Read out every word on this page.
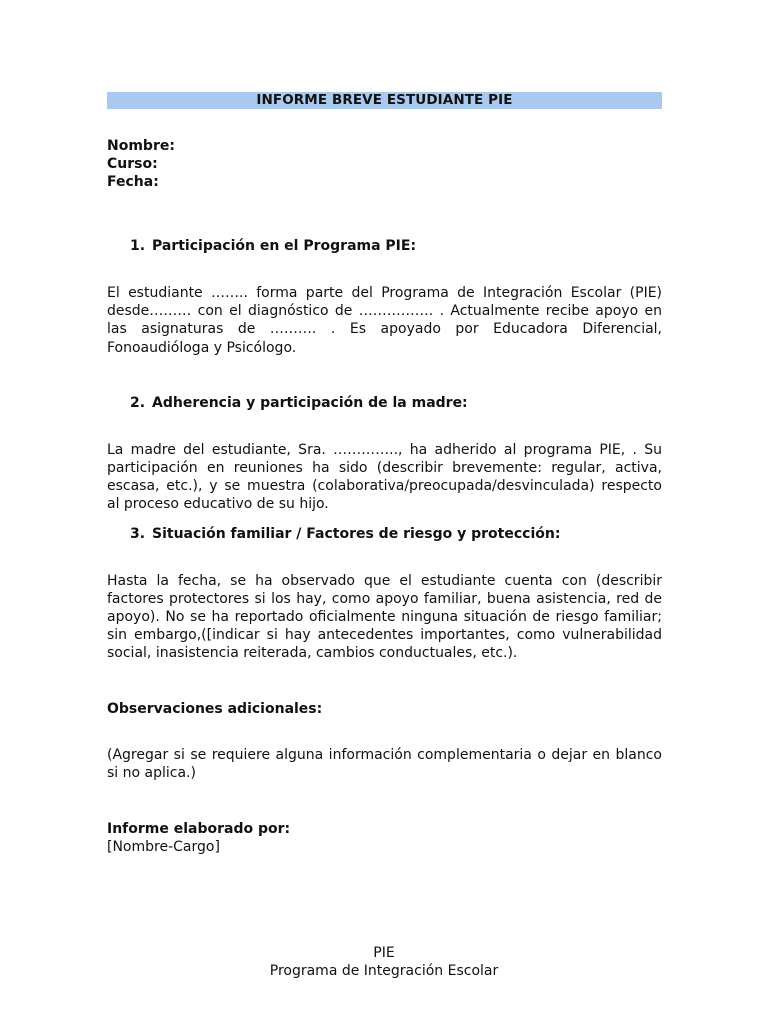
INFORME BREVE ESTUDIANTE PIE
Nombre:
Curso:
Fecha:
1. Participación en el Programa PIE:
El estudiante …….. forma parte del Programa de Integración Escolar (PIE) desde……… con el diagnóstico de ……………. . Actualmente recibe apoyo en las asignaturas de ………. . Es apoyado por Educadora Diferencial, Fonoaudióloga y Psicólogo.
2. Adherencia y participación de la madre:
La madre del estudiante, Sra. ………….., ha adherido al programa PIE, . Su participación en reuniones ha sido (describir brevemente: regular, activa, escasa, etc.), y se muestra (colaborativa/preocupada/desvinculada) respecto al proceso educativo de su hijo.
3. Situación familiar / Factores de riesgo y protección:
Hasta la fecha, se ha observado que el estudiante cuenta con (describir factores protectores si los hay, como apoyo familiar, buena asistencia, red de apoyo). No se ha reportado oficialmente ninguna situación de riesgo familiar; sin embargo,([indicar si hay antecedentes importantes, como vulnerabilidad social, inasistencia reiterada, cambios conductuales, etc.).
Observaciones adicionales:
(Agregar si se requiere alguna información complementaria o dejar en blanco si no aplica.)
Informe elaborado por:
[Nombre-Cargo]
PIE
Programa de Integración Escolar
